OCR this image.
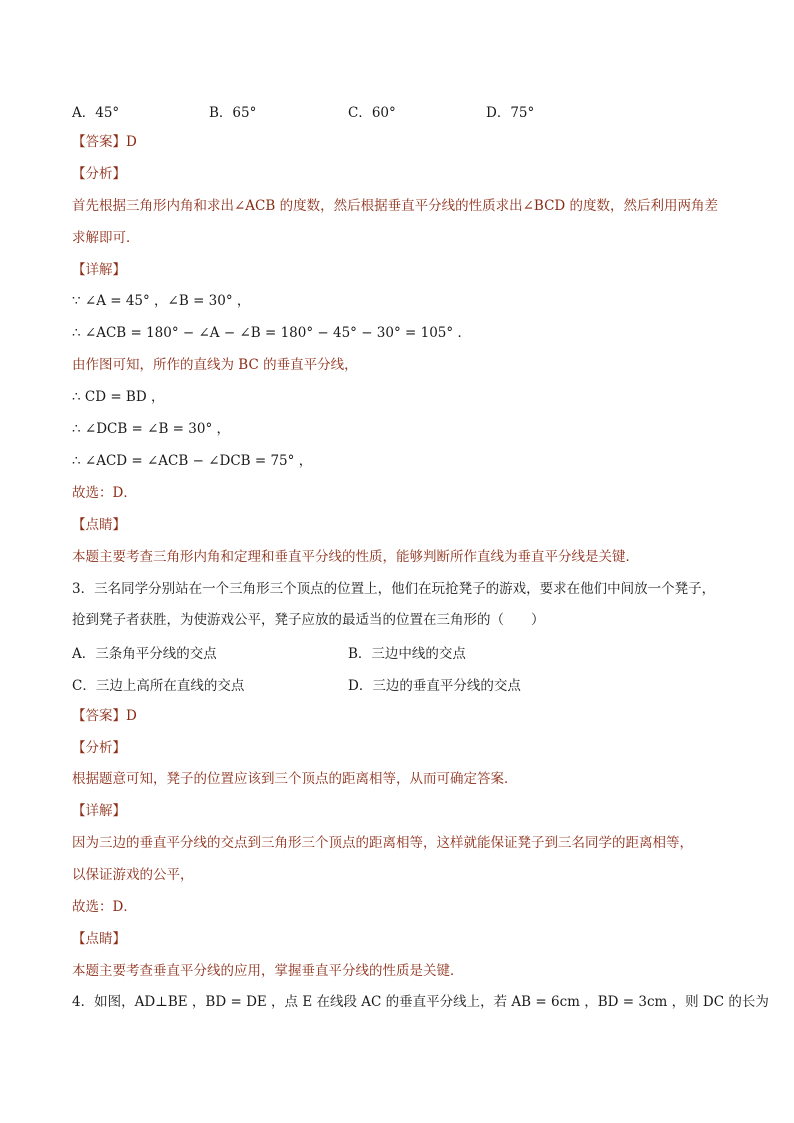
A．45°	B．65°	C．60°	D．75°
【答案】D
【分析】
首先根据三角形内角和求出∠ACB 的度数，然后根据垂直平分线的性质求出∠BCD 的度数，然后利用两角差
求解即可．
【详解】
∵ ∠A = 45° ，∠B = 30° ，
∴ ∠ACB = 180° − ∠A − ∠B = 180° − 45° − 30° = 105° ．
由作图可知，所作的直线为 BC 的垂直平分线，
∴ CD = BD ，
∴ ∠DCB = ∠B = 30° ，
∴ ∠ACD = ∠ACB − ∠DCB = 75° ，
故选：D．
【点睛】
本题主要考查三角形内角和定理和垂直平分线的性质，能够判断所作直线为垂直平分线是关键．
3．三名同学分别站在一个三角形三个顶点的位置上，他们在玩抢凳子的游戏，要求在他们中间放一个凳子，
抢到凳子者获胜，为使游戏公平，凳子应放的最适当的位置在三角形的（　　）
A．三条角平分线的交点	B．三边中线的交点
C．三边上高所在直线的交点	D．三边的垂直平分线的交点
【答案】D
【分析】
根据题意可知，凳子的位置应该到三个顶点的距离相等，从而可确定答案．
【详解】
因为三边的垂直平分线的交点到三角形三个顶点的距离相等，这样就能保证凳子到三名同学的距离相等，
以保证游戏的公平，
故选：D．
【点睛】
本题主要考查垂直平分线的应用，掌握垂直平分线的性质是关键．
4．如图，AD⊥BE ，BD = DE ，点 E 在线段 AC 的垂直平分线上，若 AB = 6cm ，BD = 3cm ，则 DC 的长为
